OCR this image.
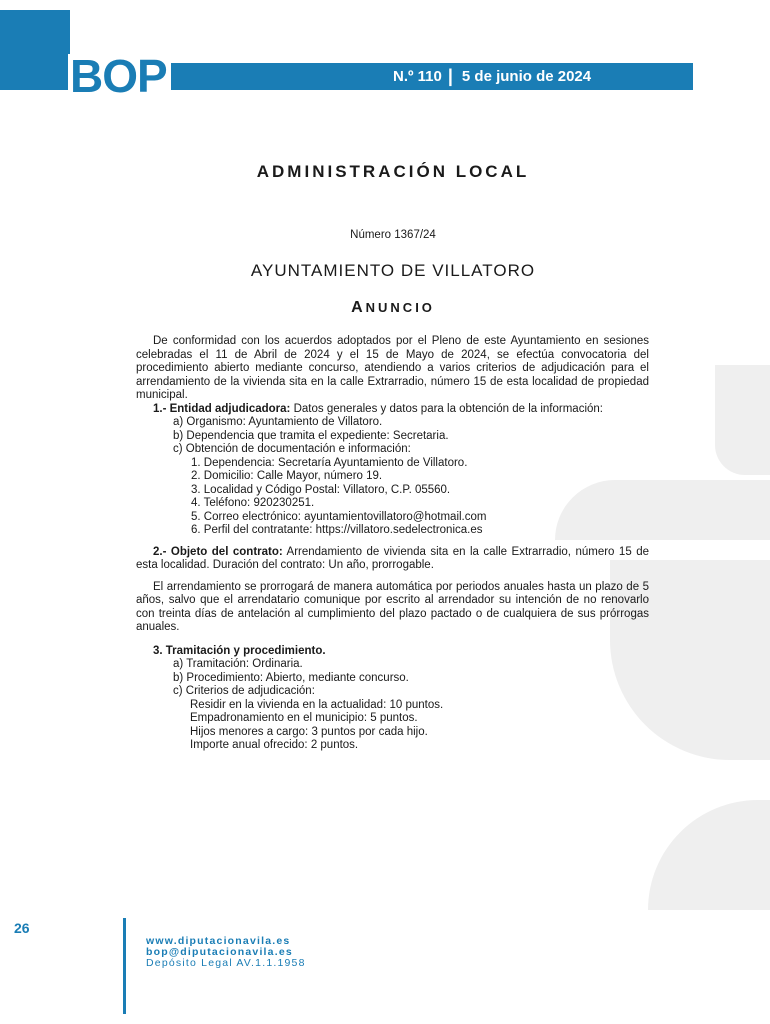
BOP	N.º 110 | 5 de junio de 2024
ADMINISTRACIÓN LOCAL
Número 1367/24
AYUNTAMIENTO DE VILLATORO
ANUNCIO

De conformidad con los acuerdos adoptados por el Pleno de este Ayuntamiento en sesiones celebradas el 11 de Abril de 2024 y el 15 de Mayo de 2024, se efectúa convocatoria del procedimiento abierto mediante concurso, atendiendo a varios criterios de adjudicación para el arrendamiento de la vivienda sita en la calle Extrarradio, número 15 de esta localidad de propiedad municipal.

1.- Entidad adjudicadora: Datos generales y datos para la obtención de la información:

a) Organismo: Ayuntamiento de Villatoro.

b) Dependencia que tramita el expediente: Secretaria.

c) Obtención de documentación e información:

1. Dependencia: Secretaría Ayuntamiento de Villatoro.

2. Domicilio: Calle Mayor, número 19.

3. Localidad y Código Postal: Villatoro, C.P. 05560.

4. Teléfono: 920230251.

5. Correo electrónico: ayuntamientovillatoro@hotmail.com

6. Perfil del contratante: https://villatoro.sedelectronica.es

2.- Objeto del contrato: Arrendamiento de vivienda sita en la calle Extrarradio, número 15 de esta localidad. Duración del contrato: Un año, prorrogable.

El arrendamiento se prorrogará de manera automática por periodos anuales hasta un plazo de 5 años, salvo que el arrendatario comunique por escrito al arrendador su intención de no renovarlo con treinta días de antelación al cumplimiento del plazo pactado o de cualquiera de sus prórrogas anuales.

3. Tramitación y procedimiento.

a) Tramitación: Ordinaria.

b) Procedimiento: Abierto, mediante concurso.

c) Criterios de adjudicación:

Residir en la vivienda en la actualidad: 10 puntos.

Empadronamiento en el municipio: 5 puntos.

Hijos menores a cargo: 3 puntos por cada hijo.

Importe anual ofrecido: 2 puntos.

26
www.diputacionavila.es
bop@diputacionavila.es
Depósito Legal AV.1.1.1958
